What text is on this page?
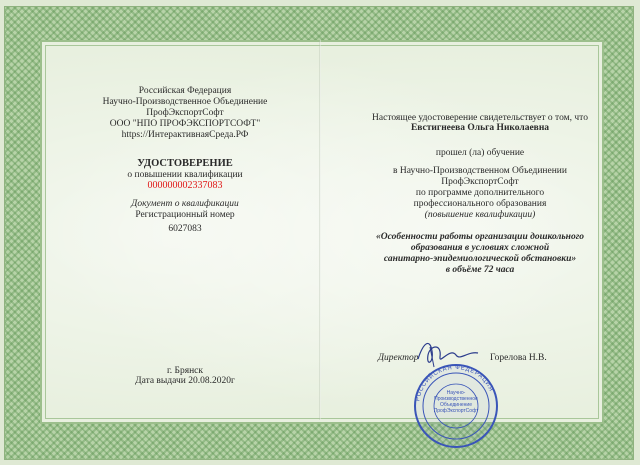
Российская Федерация
Научно-Производственное Объединение
ПрофЭкспортСофт
ООО "НПО ПРОФЭКСПОРТСОФТ"
https://ИнтерактивнаяСреда.РФ
УДОСТОВЕРЕНИЕ
о повышении квалификации
000000002337083
Документ о квалификации
Регистрационный номер
6027083
г. Брянск
Дата выдачи 20.08.2020г
Настоящее удостоверение свидетельствует о том, что
Евстигнеева Ольга Николаевна
прошел (ла) обучение
в Научно-Производственном Объединении
ПрофЭкспортСофт
по программе дополнительного
профессионального образования
(повышение квалификации)
«Особенности работы организации дошкольного
образования в условиях сложной
санитарно-эпидемиологической обстановки»
в объёме 72 часа
Директор	Горелова Н.В.
РОССИЙСКАЯ ФЕДЕРАЦИЯ
Научно-
Производственное
Объединение
ПрофЭкспортСофт
